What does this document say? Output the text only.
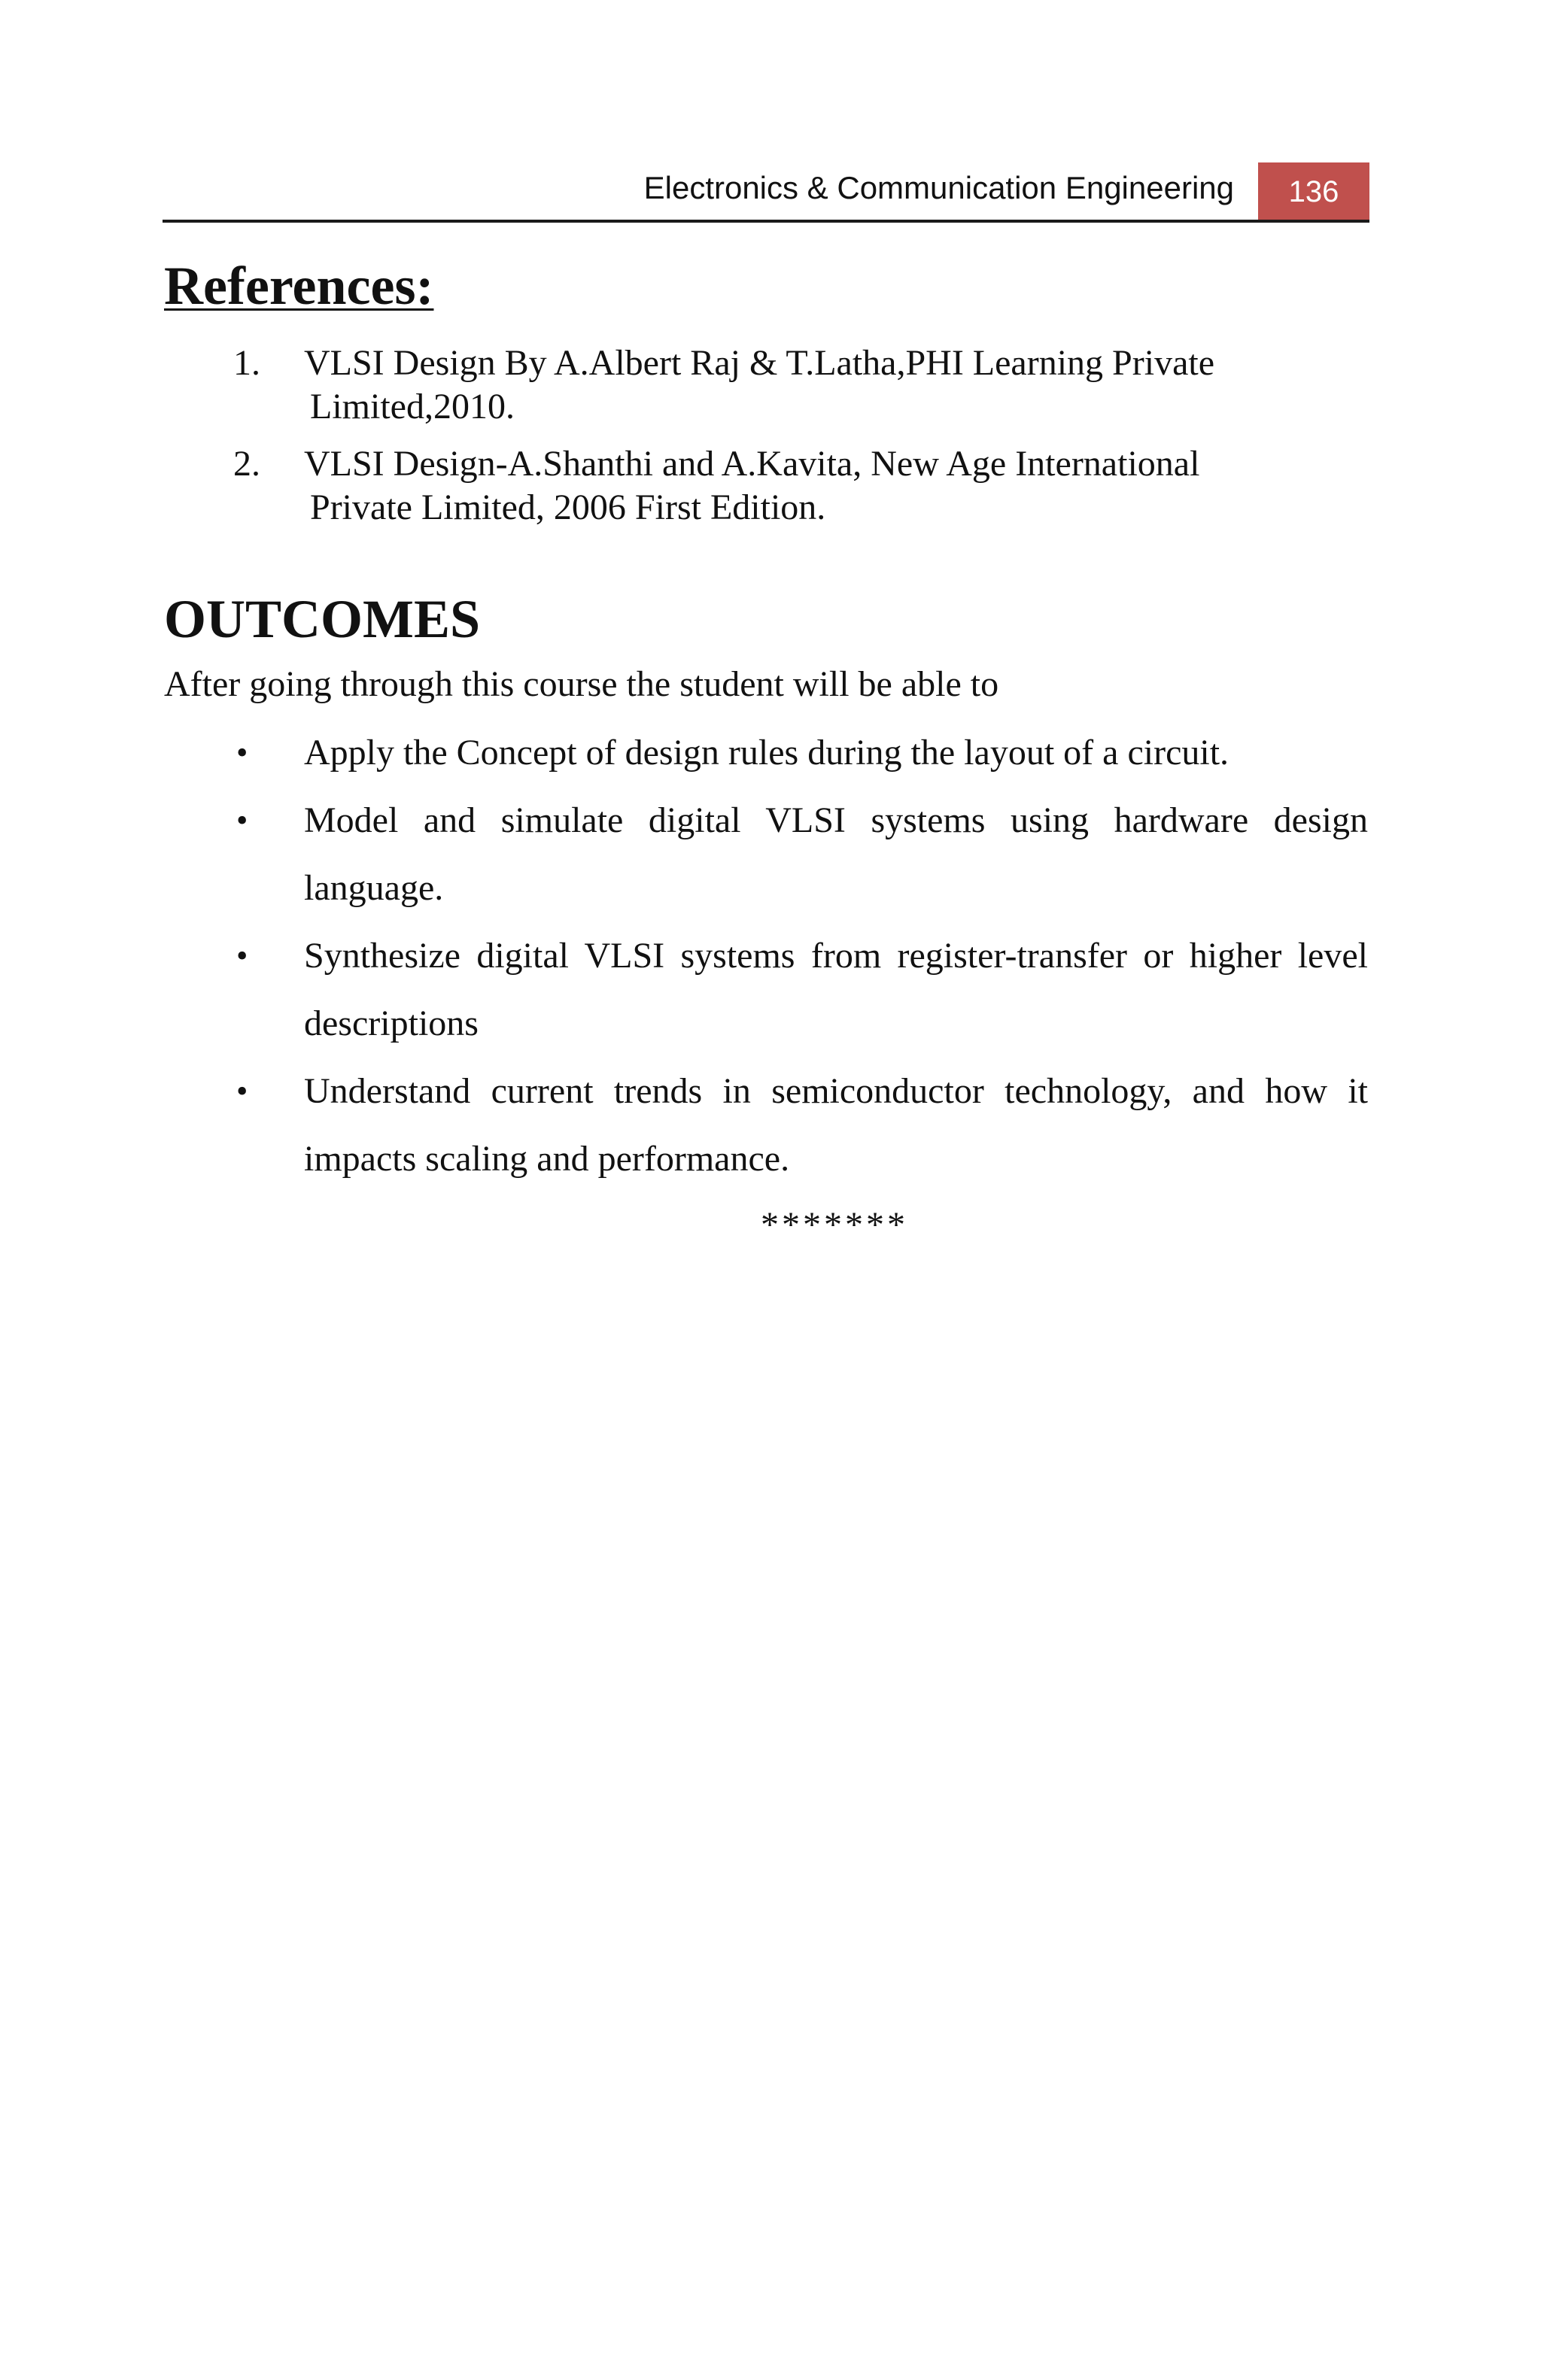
Electronics & Communication Engineering	136
References:
1. VLSI Design By A.Albert Raj & T.Latha,PHI Learning Private
Limited,2010.
2. VLSI Design-A.Shanthi and A.Kavita, New Age International
Private Limited, 2006 First Edition.
OUTCOMES

After going through this course the student will be able to

• Apply the Concept of design rules during the layout of a circuit.
• Model and simulate digital VLSI systems using hardware design language.
• Synthesize digital VLSI systems from register-transfer or higher level descriptions
• Understand current trends in semiconductor technology, and how it impacts scaling and performance.

*******
